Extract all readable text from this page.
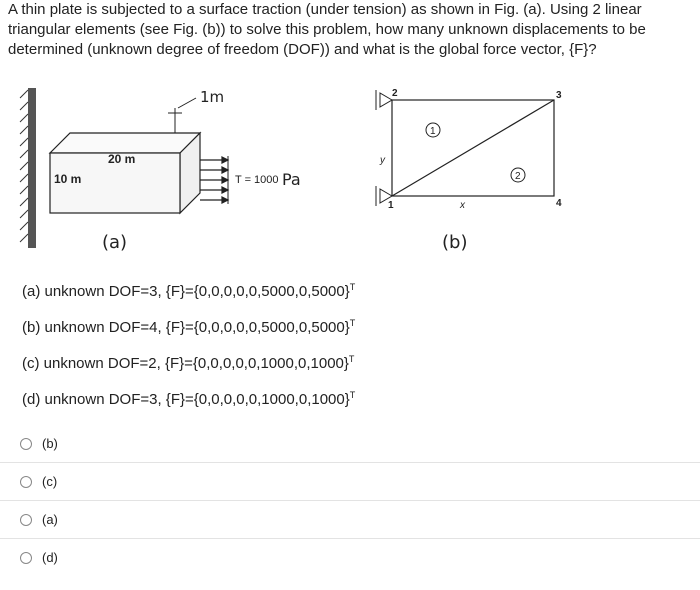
A thin plate is subjected to a surface traction (under tension) as shown in Fig. (a). Using 2 linear triangular elements (see Fig. (b)) to solve this problem, how many unknown displacements to be determined (unknown degree of freedom (DOF)) and what is the global force vector, {F}?
1m
20 m
10 m	T = 1000 Pa
(a)
y
x
2	3
1	4
1
2
(b)
(a) unknown DOF=3, $\{F\}=\{0,0,0,0,0,5000,0,5000\}^T$
(b) unknown DOF=4, $\{F\}=\{0,0,0,0,0,5000,0,5000\}^T$
(c) unknown DOF=2, $\{F\}=\{0,0,0,0,0,1000,0,1000\}^T$
(d) unknown DOF=3, $\{F\}=\{0,0,0,0,0,1000,0,1000\}^T$
(b)
(c)
(a)
(d)
